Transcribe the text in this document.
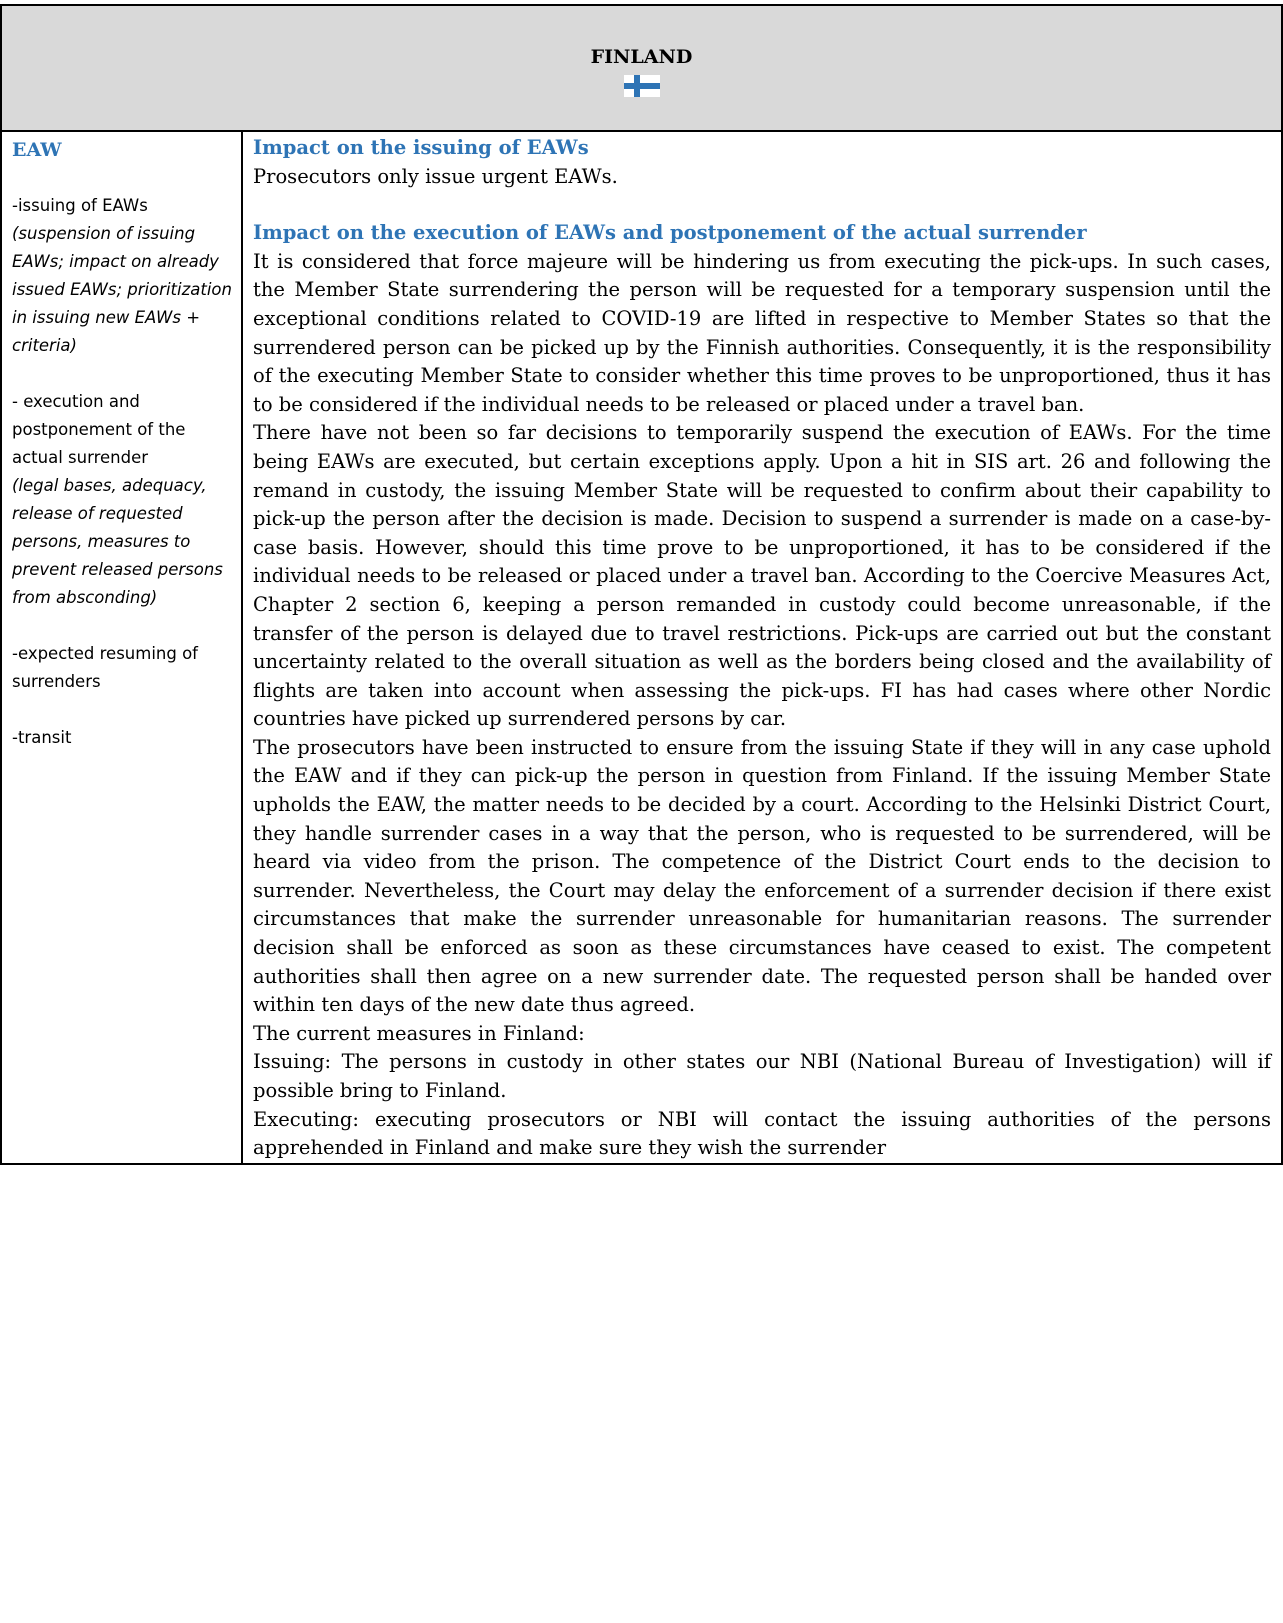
FINLAND

EAW
-issuing of EAWs
(suspension of issuing EAWs; impact on already issued EAWs; prioritization in issuing new EAWs + criteria)
- execution and postponement of the actual surrender
(legal bases, adequacy, release of requested persons, measures to prevent released persons from absconding)
-expected resuming of surrenders
-transit

Impact on the issuing of EAWs

Prosecutors only issue urgent EAWs.

Impact on the execution of EAWs and postponement of the actual surrender

It is considered that force majeure will be hindering us from executing the pick-ups. In such cases, the Member State surrendering the person will be requested for a temporary suspension until the exceptional conditions related to COVID-19 are lifted in respective to Member States so that the surrendered person can be picked up by the Finnish authorities. Consequently, it is the responsibility of the executing Member State to consider whether this time proves to be unproportioned, thus it has to be considered if the individual needs to be released or placed under a travel ban.

There have not been so far decisions to temporarily suspend the execution of EAWs. For the time being EAWs are executed, but certain exceptions apply. Upon a hit in SIS art. 26 and following the remand in custody, the issuing Member State will be requested to confirm about their capability to pick-up the person after the decision is made. Decision to suspend a surrender is made on a case-by-case basis. However, should this time prove to be unproportioned, it has to be considered if the individual needs to be released or placed under a travel ban. According to the Coercive Measures Act, Chapter 2 section 6, keeping a person remanded in custody could become unreasonable, if the transfer of the person is delayed due to travel restrictions. Pick-ups are carried out but the constant uncertainty related to the overall situation as well as the borders being closed and the availability of flights are taken into account when assessing the pick-ups. FI has had cases where other Nordic countries have picked up surrendered persons by car.

The prosecutors have been instructed to ensure from the issuing State if they will in any case uphold the EAW and if they can pick-up the person in question from Finland. If the issuing Member State upholds the EAW, the matter needs to be decided by a court. According to the Helsinki District Court, they handle surrender cases in a way that the person, who is requested to be surrendered, will be heard via video from the prison. The competence of the District Court ends to the decision to surrender. Nevertheless, the Court may delay the enforcement of a surrender decision if there exist circumstances that make the surrender unreasonable for humanitarian reasons. The surrender decision shall be enforced as soon as these circumstances have ceased to exist. The competent authorities shall then agree on a new surrender date. The requested person shall be handed over within ten days of the new date thus agreed.

The current measures in Finland:

Issuing: The persons in custody in other states our NBI (National Bureau of Investigation) will if possible bring to Finland.

Executing: executing prosecutors or NBI will contact the issuing authorities of the persons apprehended in Finland and make sure they wish the surrender
